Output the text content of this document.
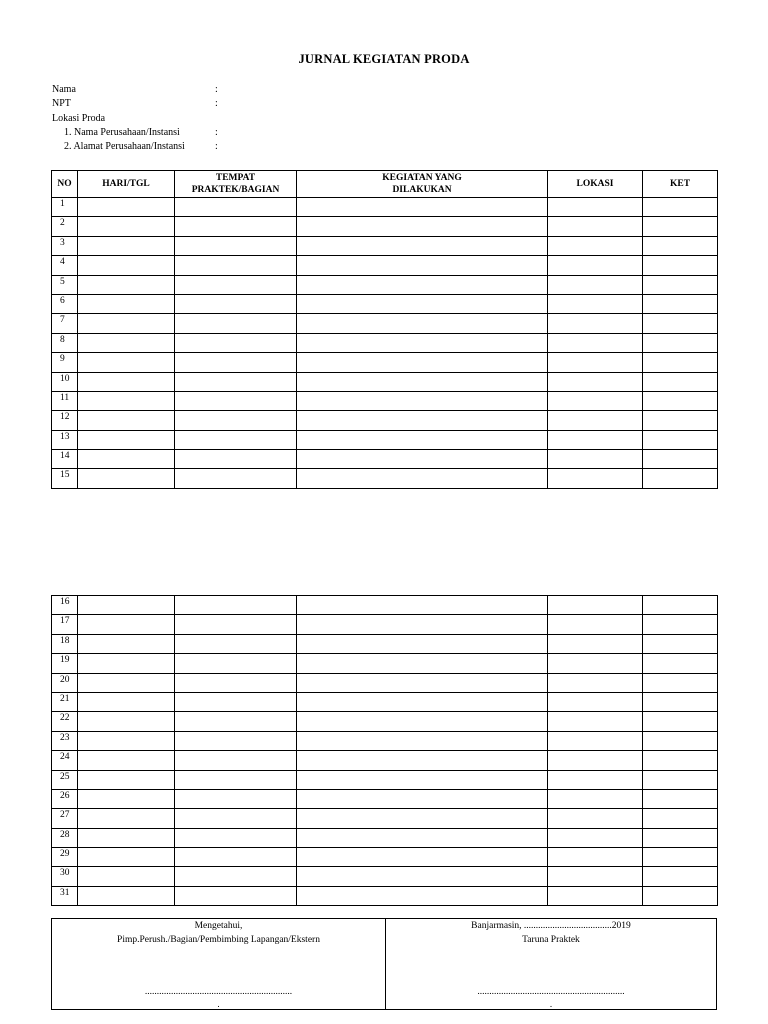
JURNAL KEGIATAN PRODA
Nama	:
NPT	:
Lokasi Proda
1. Nama Perusahaan/Instansi	:
2. Alamat Perusahaan/Instansi	:
NO	HARI/TGL	TEMPAT PRAKTEK/BAGIAN	KEGIATAN YANG DILAKUKAN	LOKASI	KET
1					
2					
3					
4					
5					
6					
7					
8					
9					
10					
11					
12					
13					
14					
15					
16					
17					
18					
19					
20					
21					
22					
23					
24					
25					
26					
27					
28					
29					
30					
31					
Mengetahui,
Pimp.Perush./Bagian/Pembimbing Lapangan/Ekstern
..............................................................
.
Banjarmasin, .....................................2019
Taruna Praktek
..............................................................
.
